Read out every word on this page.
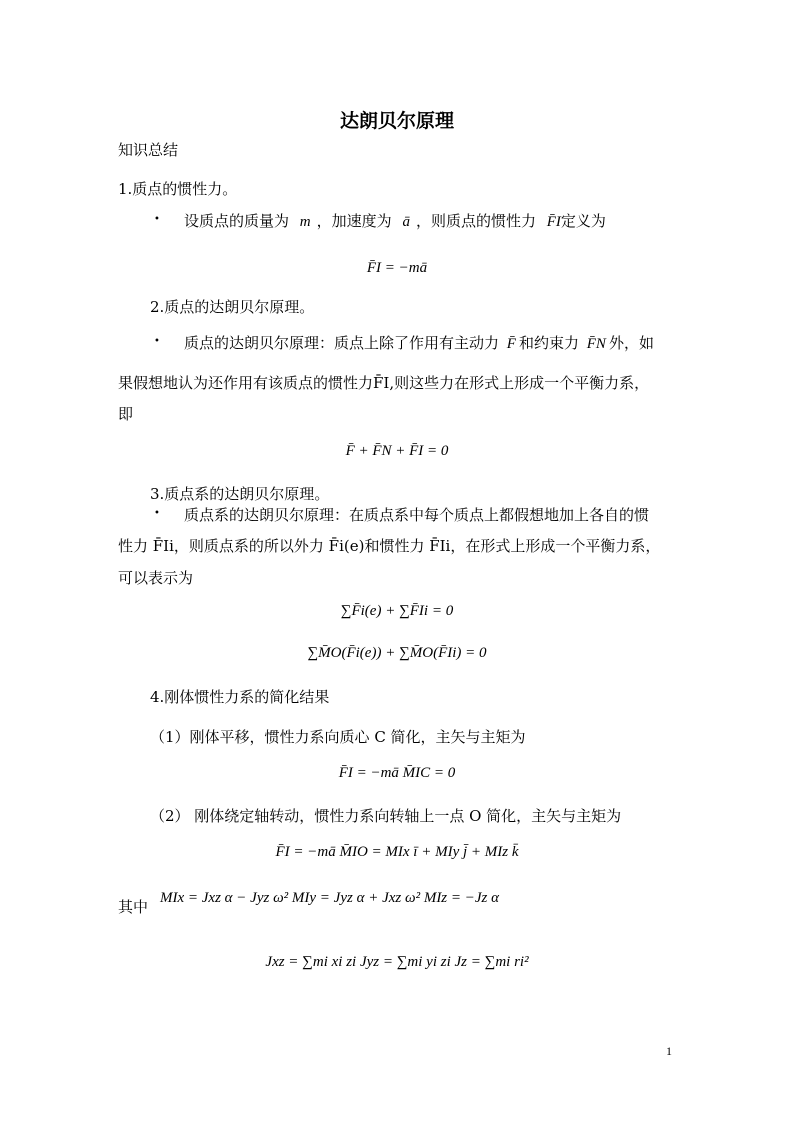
达朗贝尔原理
知识总结
1.质点的惯性力。
• 设质点的质量为 m ，加速度为 ā ，则质点的惯性力 F̄I定义为
F̄I = −mā
2.质点的达朗贝尔原理。
• 质点的达朗贝尔原理：质点上除了作用有主动力 F̄ 和约束力 F̄N 外，如
果假想地认为还作用有该质点的惯性力F̄I,则这些力在形式上形成一个平衡力系，
即
F̄ + F̄N + F̄I = 0
3.质点系的达朗贝尔原理。
• 质点系的达朗贝尔原理：在质点系中每个质点上都假想地加上各自的惯
性力 F̄Ii，则质点系的所以外力 F̄i(e)和惯性力 F̄Ii，在形式上形成一个平衡力系，
可以表示为
∑F̄i(e) + ∑F̄Ii = 0
∑M̄O(F̄i(e)) + ∑M̄O(F̄Ii) = 0
4.刚体惯性力系的简化结果
（1）刚体平移，惯性力系向质心 C 简化，主矢与主矩为
F̄I = −mā M̄IC = 0
（2） 刚体绕定轴转动，惯性力系向转轴上一点 O 简化，主矢与主矩为
F̄I = −mā M̄IO = MIx ī + MIy j̄ + MIz k̄
其中 MIx = Jxz α − Jyz ω² MIy = Jyz α + Jxz ω² MIz = −Jz α
Jxz = ∑mi xi zi Jyz = ∑mi yi zi Jz = ∑mi ri²
1
